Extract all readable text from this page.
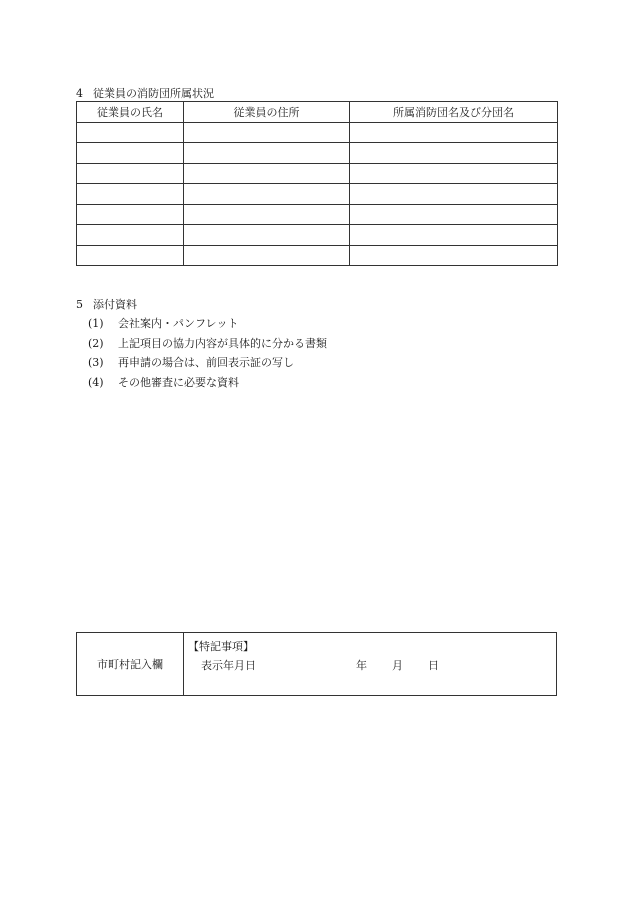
4 従業員の消防団所属状況
従業員の氏名	従業員の住所	所属消防団名及び分団名

5 添付資料
(1) 会社案内・パンフレット
(2) 上記項目の協力内容が具体的に分かる書類
(3) 再申請の場合は、前回表示証の写し
(4) その他審査に必要な資料
市町村記入欄
【特記事項】
表示年月日	年 月 日
